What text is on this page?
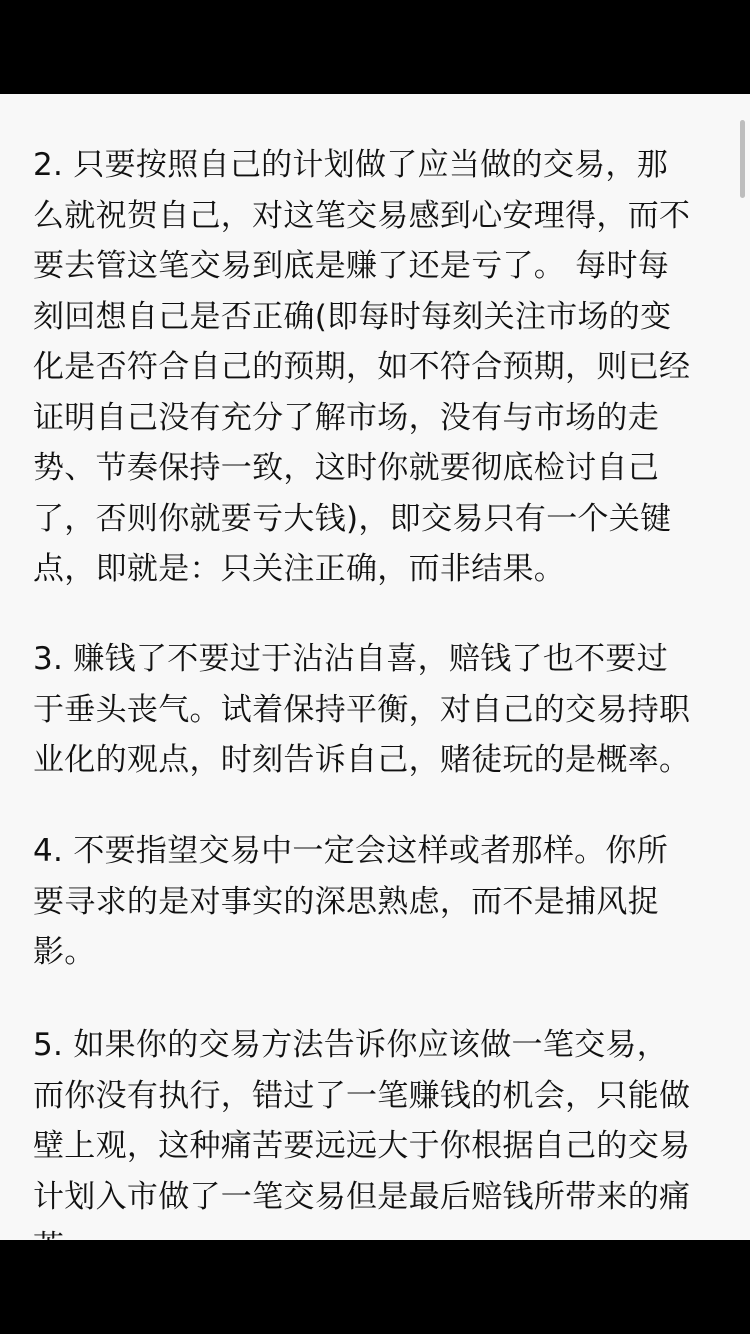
2. 只要按照自己的计划做了应当做的交易，那
么就祝贺自己，对这笔交易感到心安理得，而不
要去管这笔交易到底是赚了还是亏了。 每时每
刻回想自己是否正确(即每时每刻关注市场的变
化是否符合自己的预期，如不符合预期，则已经
证明自己没有充分了解市场，没有与市场的走
势、节奏保持一致，这时你就要彻底检讨自己
了，否则你就要亏大钱)，即交易只有一个关键
点，即就是：只关注正确，而非结果。

3. 赚钱了不要过于沾沾自喜，赔钱了也不要过
于垂头丧气。试着保持平衡，对自己的交易持职
业化的观点，时刻告诉自己，赌徒玩的是概率。

4. 不要指望交易中一定会这样或者那样。你所
要寻求的是对事实的深思熟虑，而不是捕风捉
影。

5. 如果你的交易方法告诉你应该做一笔交易，
而你没有执行，错过了一笔赚钱的机会，只能做
壁上观，这种痛苦要远远大于你根据自己的交易
计划入市做了一笔交易但是最后赔钱所带来的痛
